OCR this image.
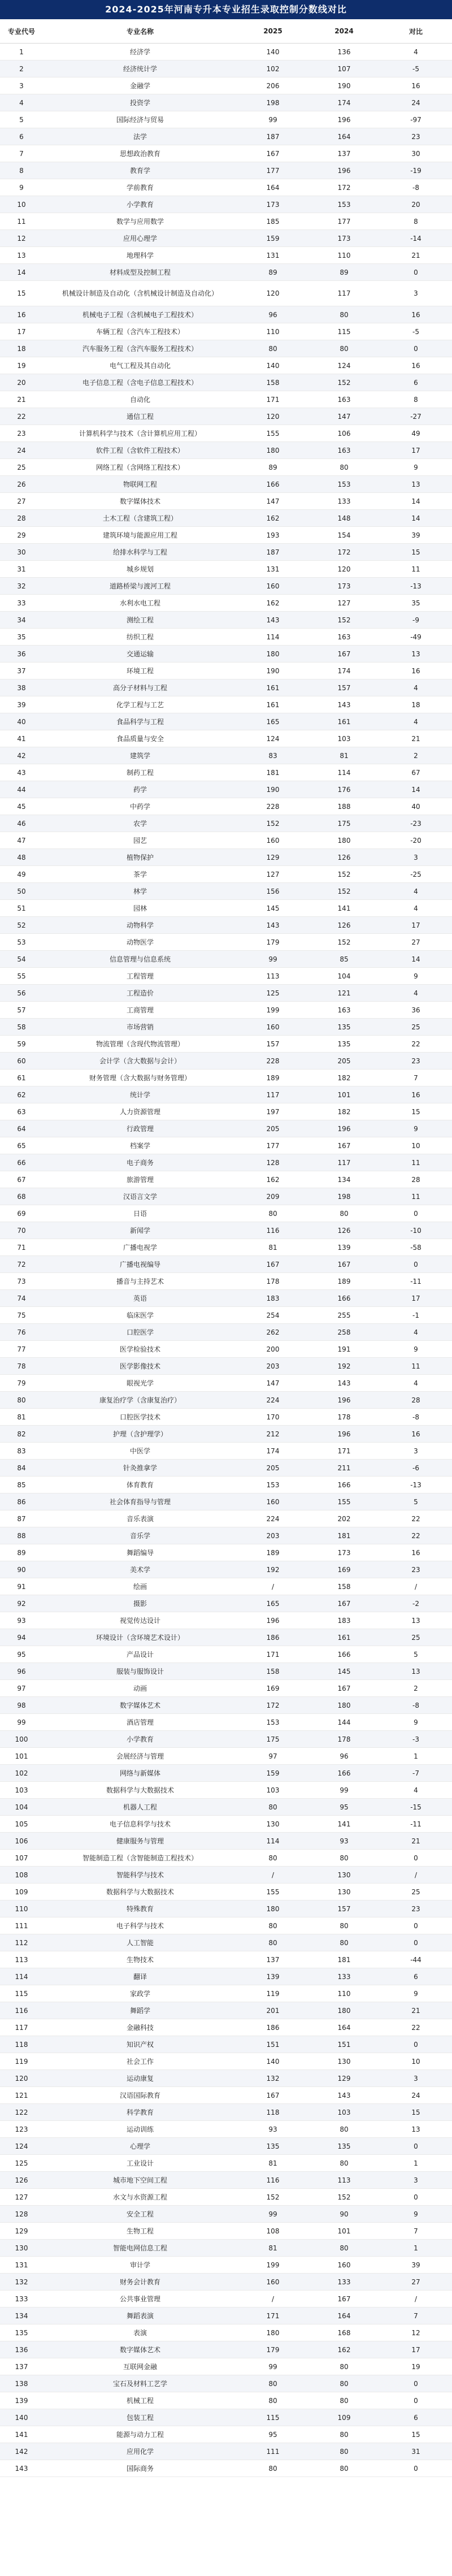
2024-2025年河南专升本专业招生录取控制分数线对比
专业代号	专业名称	2025	2024	对比
1	经济学	140	136	4
2	经济统计学	102	107	-5
3	金融学	206	190	16
4	投资学	198	174	24
5	国际经济与贸易	99	196	-97
6	法学	187	164	23
7	思想政治教育	167	137	30
8	教育学	177	196	-19
9	学前教育	164	172	-8
10	小学教育	173	153	20
11	数学与应用数学	185	177	8
12	应用心理学	159	173	-14
13	地理科学	131	110	21
14	材料成型及控制工程	89	89	0
15	机械设计制造及自动化（含机械设计制造及自动化）	120	117	3
16	机械电子工程（含机械电子工程技术）	96	80	16
17	车辆工程（含汽车工程技术）	110	115	-5
18	汽车服务工程（含汽车服务工程技术）	80	80	0
19	电气工程及其自动化	140	124	16
20	电子信息工程（含电子信息工程技术）	158	152	6
21	自动化	171	163	8
22	通信工程	120	147	-27
23	计算机科学与技术（含计算机应用工程）	155	106	49
24	软件工程（含软件工程技术）	180	163	17
25	网络工程（含网络工程技术）	89	80	9
26	物联网工程	166	153	13
27	数字媒体技术	147	133	14
28	土木工程（含建筑工程）	162	148	14
29	建筑环境与能源应用工程	193	154	39
30	给排水科学与工程	187	172	15
31	城乡规划	131	120	11
32	道路桥梁与渡河工程	160	173	-13
33	水利水电工程	162	127	35
34	测绘工程	143	152	-9
35	纺织工程	114	163	-49
36	交通运输	180	167	13
37	环境工程	190	174	16
38	高分子材料与工程	161	157	4
39	化学工程与工艺	161	143	18
40	食品科学与工程	165	161	4
41	食品质量与安全	124	103	21
42	建筑学	83	81	2
43	制药工程	181	114	67
44	药学	190	176	14
45	中药学	228	188	40
46	农学	152	175	-23
47	园艺	160	180	-20
48	植物保护	129	126	3
49	茶学	127	152	-25
50	林学	156	152	4
51	园林	145	141	4
52	动物科学	143	126	17
53	动物医学	179	152	27
54	信息管理与信息系统	99	85	14
55	工程管理	113	104	9
56	工程造价	125	121	4
57	工商管理	199	163	36
58	市场营销	160	135	25
59	物流管理（含现代物流管理）	157	135	22
60	会计学（含大数据与会计）	228	205	23
61	财务管理（含大数据与财务管理）	189	182	7
62	统计学	117	101	16
63	人力资源管理	197	182	15
64	行政管理	205	196	9
65	档案学	177	167	10
66	电子商务	128	117	11
67	旅游管理	162	134	28
68	汉语言文学	209	198	11
69	日语	80	80	0
70	新闻学	116	126	-10
71	广播电视学	81	139	-58
72	广播电视编导	167	167	0
73	播音与主持艺术	178	189	-11
74	英语	183	166	17
75	临床医学	254	255	-1
76	口腔医学	262	258	4
77	医学检验技术	200	191	9
78	医学影像技术	203	192	11
79	眼视光学	147	143	4
80	康复治疗学（含康复治疗）	224	196	28
81	口腔医学技术	170	178	-8
82	护理（含护理学）	212	196	16
83	中医学	174	171	3
84	针灸推拿学	205	211	-6
85	体育教育	153	166	-13
86	社会体育指导与管理	160	155	5
87	音乐表演	224	202	22
88	音乐学	203	181	22
89	舞蹈编导	189	173	16
90	美术学	192	169	23
91	绘画	/	158	/
92	摄影	165	167	-2
93	视觉传达设计	196	183	13
94	环境设计（含环境艺术设计）	186	161	25
95	产品设计	171	166	5
96	服装与服饰设计	158	145	13
97	动画	169	167	2
98	数字媒体艺术	172	180	-8
99	酒店管理	153	144	9
100	小学教育	175	178	-3
101	会展经济与管理	97	96	1
102	网络与新媒体	159	166	-7
103	数据科学与大数据技术	103	99	4
104	机器人工程	80	95	-15
105	电子信息科学与技术	130	141	-11
106	健康服务与管理	114	93	21
107	智能制造工程（含智能制造工程技术）	80	80	0
108	智能科学与技术	/	130	/
109	数据科学与大数据技术	155	130	25
110	特殊教育	180	157	23
111	电子科学与技术	80	80	0
112	人工智能	80	80	0
113	生物技术	137	181	-44
114	翻译	139	133	6
115	家政学	119	110	9
116	舞蹈学	201	180	21
117	金融科技	186	164	22
118	知识产权	151	151	0
119	社会工作	140	130	10
120	运动康复	132	129	3
121	汉语国际教育	167	143	24
122	科学教育	118	103	15
123	运动训练	93	80	13
124	心理学	135	135	0
125	工业设计	81	80	1
126	城市地下空间工程	116	113	3
127	水文与水资源工程	152	152	0
128	安全工程	99	90	9
129	生物工程	108	101	7
130	智能电网信息工程	81	80	1
131	审计学	199	160	39
132	财务会计教育	160	133	27
133	公共事业管理	/	167	/
134	舞蹈表演	171	164	7
135	表演	180	168	12
136	数字媒体艺术	179	162	17
137	互联网金融	99	80	19
138	宝石及材料工艺学	80	80	0
139	机械工程	80	80	0
140	包装工程	115	109	6
141	能源与动力工程	95	80	15
142	应用化学	111	80	31
143	国际商务	80	80	0
